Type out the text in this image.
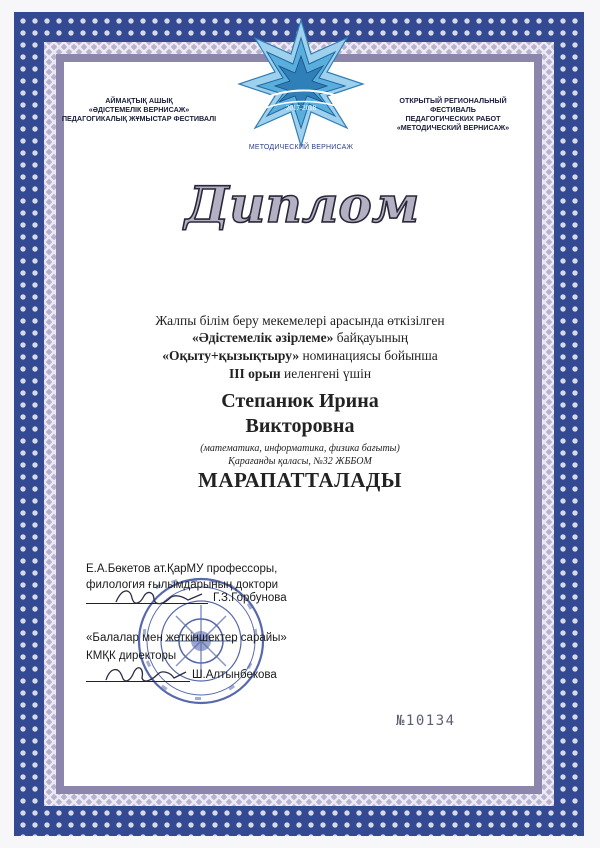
АЙМАҚТЫҚ АШЫҚ
«ӘДІСТЕМЕЛІК ВЕРНИСАЖ»
ПЕДАГОГИКАЛЫҚ ЖҰМЫСТАР ФЕСТИВАЛІ
2017-2018
МЕТОДИЧЕСКИЙ ВЕРНИСАЖ
ОТКРЫТЫЙ РЕГИОНАЛЬНЫЙ
ФЕСТИВАЛЬ
ПЕДАГОГИЧЕСКИХ РАБОТ
«МЕТОДИЧЕСКИЙ ВЕРНИСАЖ»
Диплом
Жалпы білім беру мекемелері арасында өткізілген
«Әдістемелік әзірлеме» байқауының
«Оқыту+қызықтыру» номинациясы бойынша
ІІІ орын иеленгені үшін
Степанюк Ирина
Викторовна
(математика, информатика, физика бағыты)
Қарағанды қаласы, №32 ЖББОМ
МАРАПАТТАЛАДЫ
Е.А.Бөкетов ат.ҚарМУ профессоры,
филология ғылымдарының доктори
Г.З.Горбунова
«Балалар мен жеткіншектер сарайы»
КМҚК директоры
Ш.Алтынбекова
№10134
